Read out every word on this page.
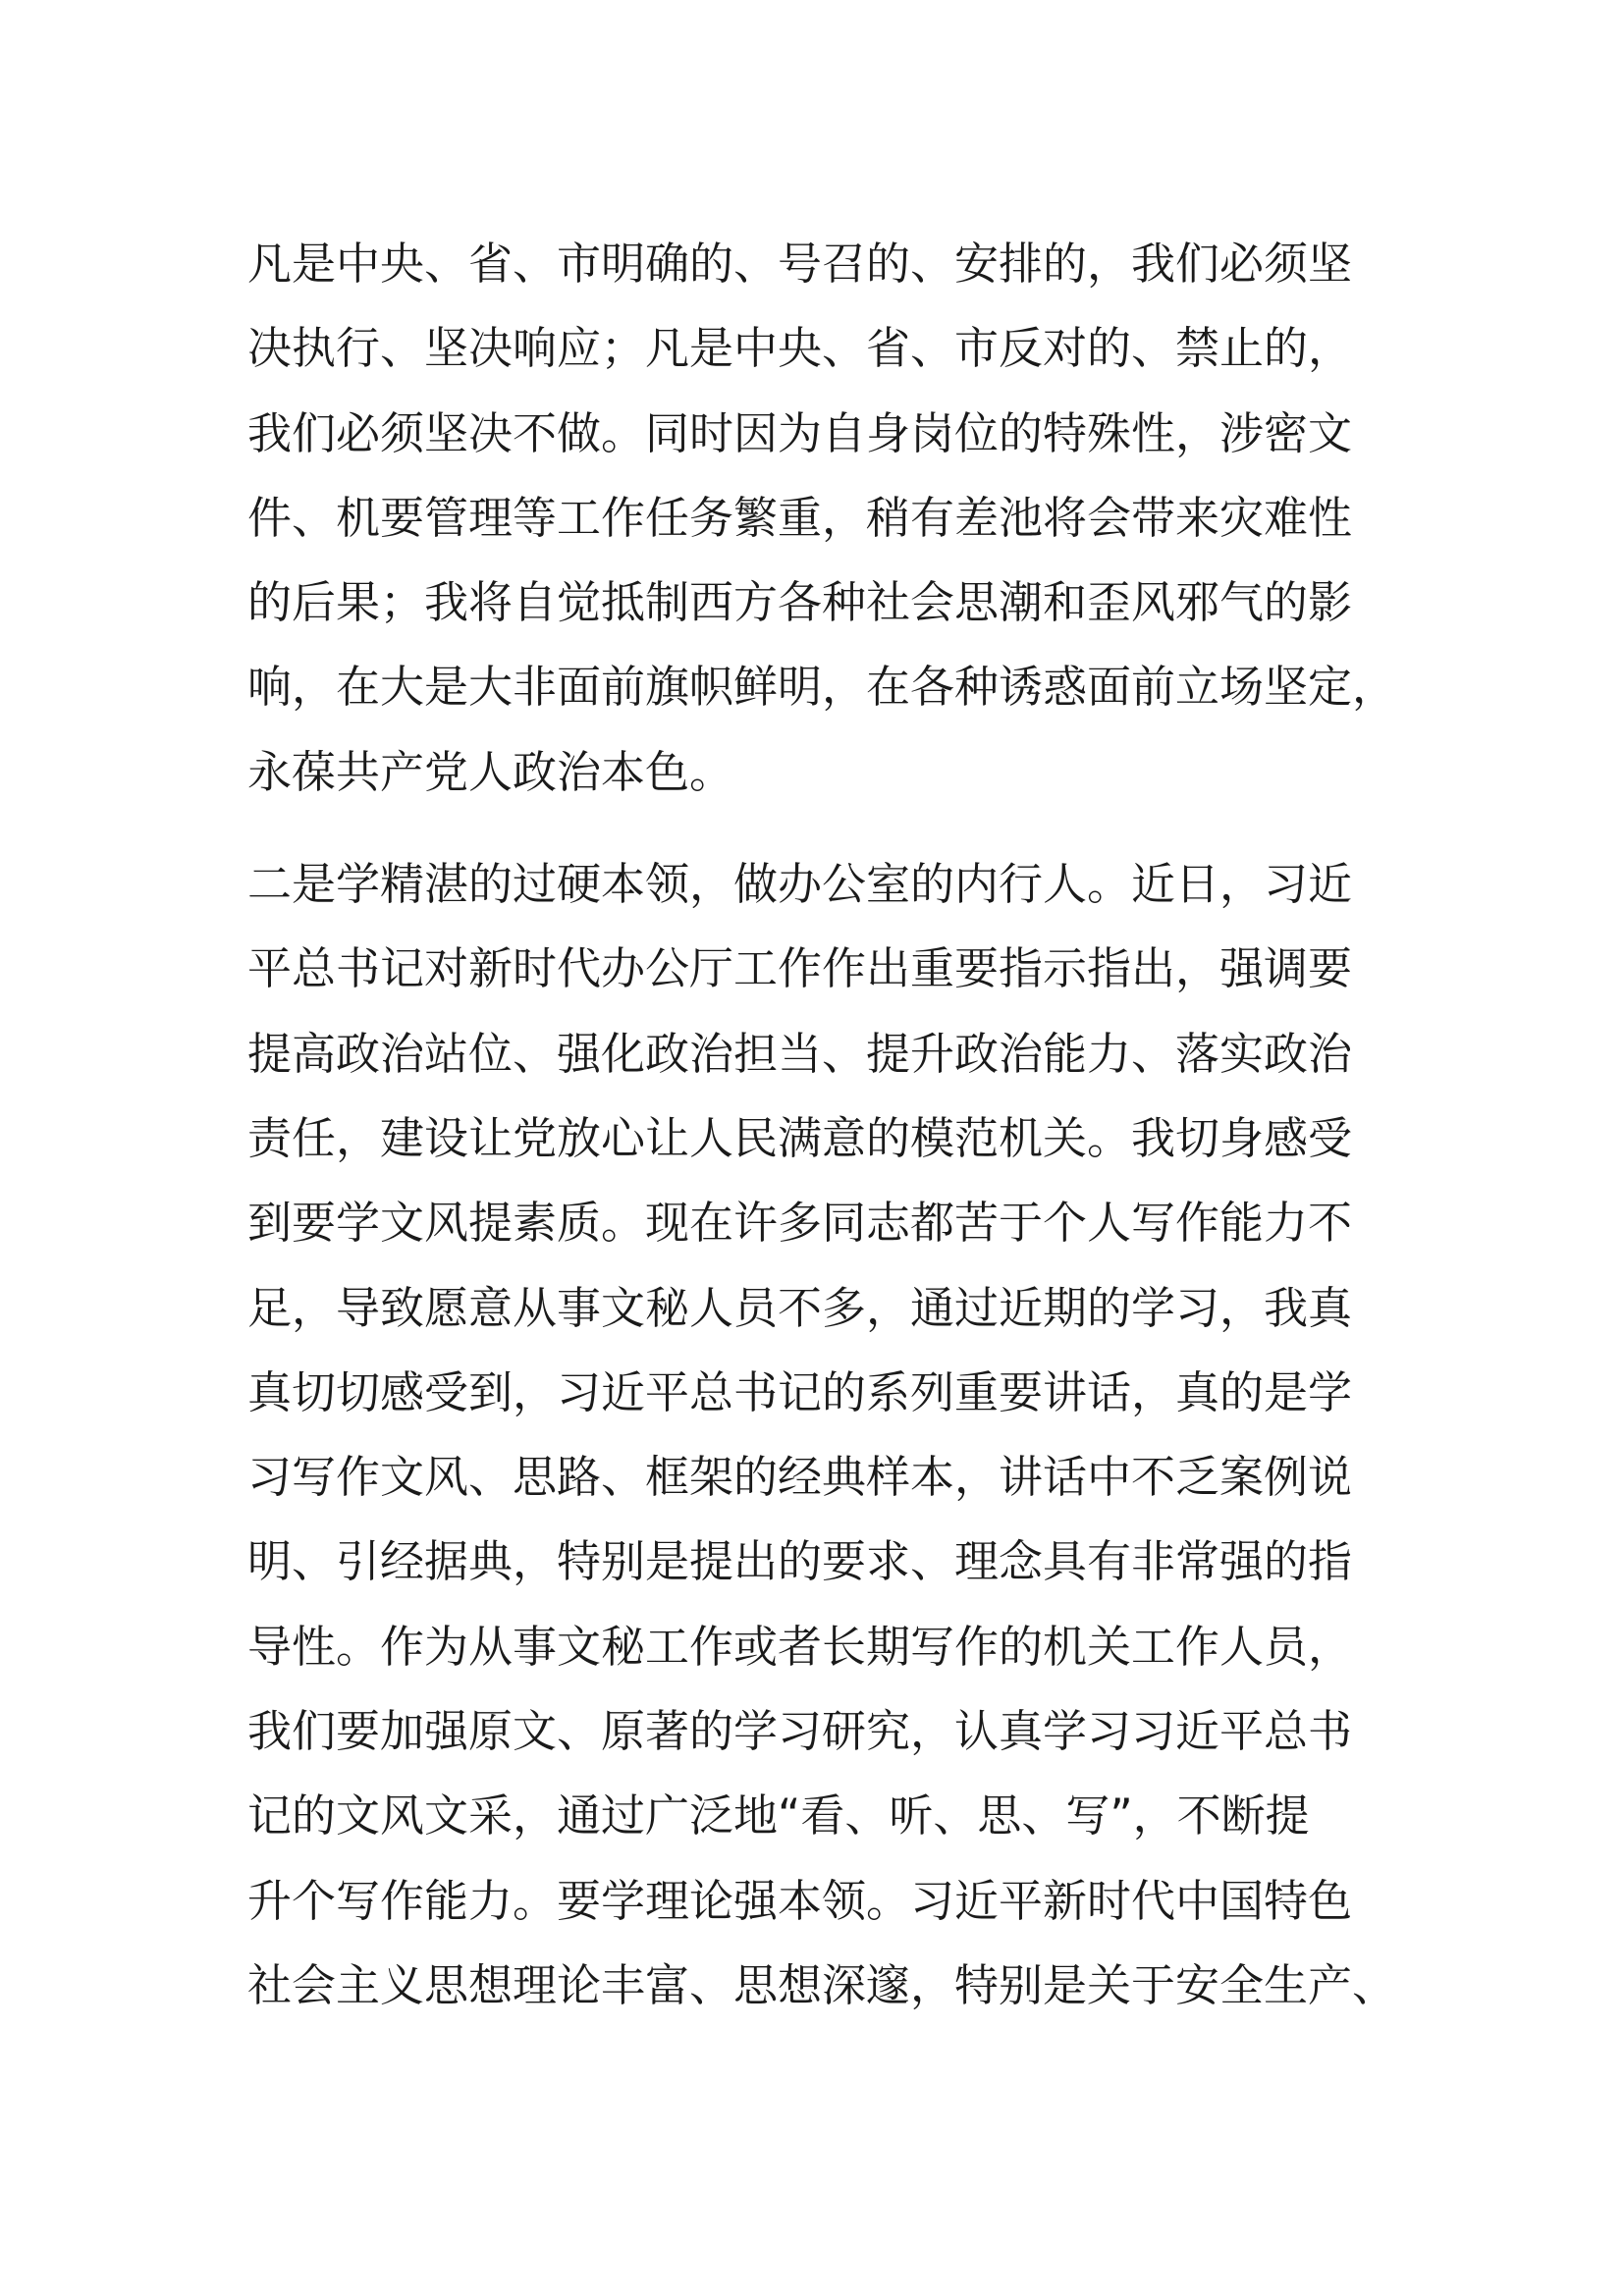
凡是中央、省、市明确的、号召的、安排的，我们必须坚
决执行、坚决响应；凡是中央、省、市反对的、禁止的，
我们必须坚决不做。同时因为自身岗位的特殊性，涉密文
件、机要管理等工作任务繁重，稍有差池将会带来灾难性
的后果；我将自觉抵制西方各种社会思潮和歪风邪气的影
响，在大是大非面前旗帜鲜明，在各种诱惑面前立场坚定，
永葆共产党人政治本色。

二是学精湛的过硬本领，做办公室的内行人。近日，习近
平总书记对新时代办公厅工作作出重要指示指出，强调要
提高政治站位、强化政治担当、提升政治能力、落实政治
责任，建设让党放心让人民满意的模范机关。我切身感受
到要学文风提素质。现在许多同志都苦于个人写作能力不
足，导致愿意从事文秘人员不多，通过近期的学习，我真
真切切感受到，习近平总书记的系列重要讲话，真的是学
习写作文风、思路、框架的经典样本，讲话中不乏案例说
明、引经据典，特别是提出的要求、理念具有非常强的指
导性。作为从事文秘工作或者长期写作的机关工作人员，
我们要加强原文、原著的学习研究，认真学习习近平总书
记的文风文采，通过广泛地“看、听、思、写”，不断提
升个写作能力。要学理论强本领。习近平新时代中国特色
社会主义思想理论丰富、思想深邃，特别是关于安全生产、
